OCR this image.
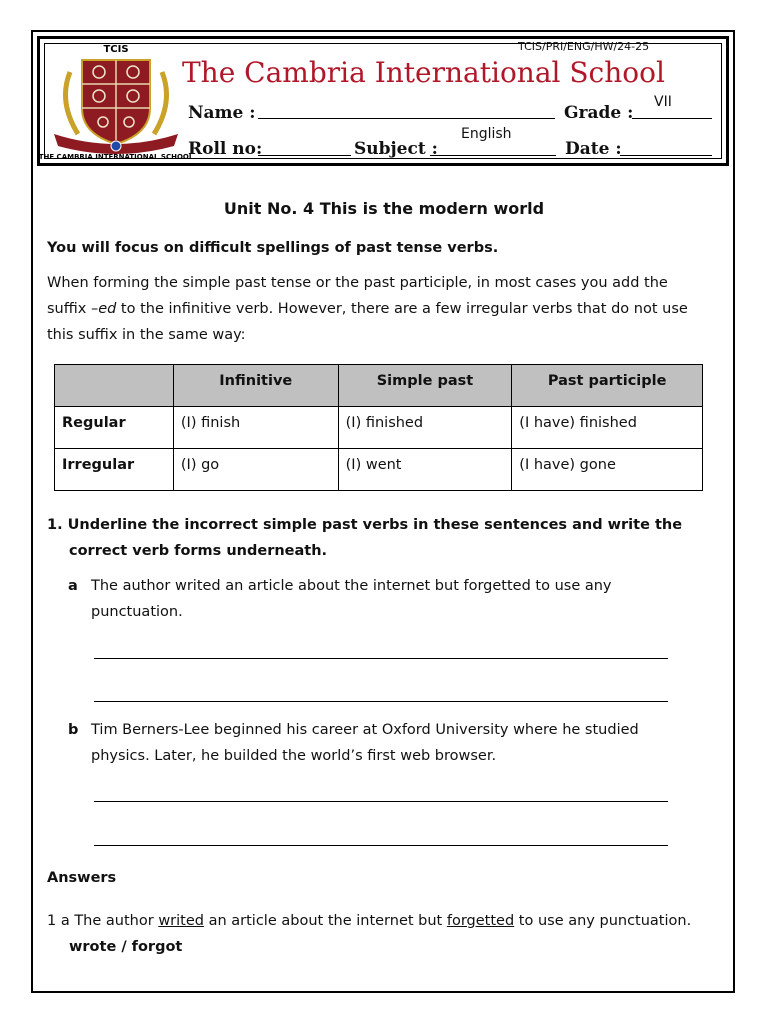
TCIS/PRI/ENG/HW/24-25
TCIS
THE CAMBRIA INTERNATIONAL SCHOOL
The Cambria International School
Name :	Grade :
VII
Roll no:	Subject :
English
Date :
Unit No. 4 This is the modern world
You will focus on difficult spellings of past tense verbs.
When forming the simple past tense or the past participle, in most cases you add the suffix –ed to the infinitive verb. However, there are a few irregular verbs that do not use this suffix in the same way:
	Infinitive	Simple past	Past participle
Regular	(I) finish	(I) finished	(I have) finished
Irregular	(I) go	(I) went	(I have) gone
1. Underline the incorrect simple past verbs in these sentences and write the correct verb forms underneath.
a The author writed an article about the internet but forgetted to use any punctuation.
b Tim Berners-Lee beginned his career at Oxford University where he studied physics. Later, he builded the world’s first web browser.
Answers
1 a The author writed an article about the internet but forgetted to use any punctuation. wrote / forgot
